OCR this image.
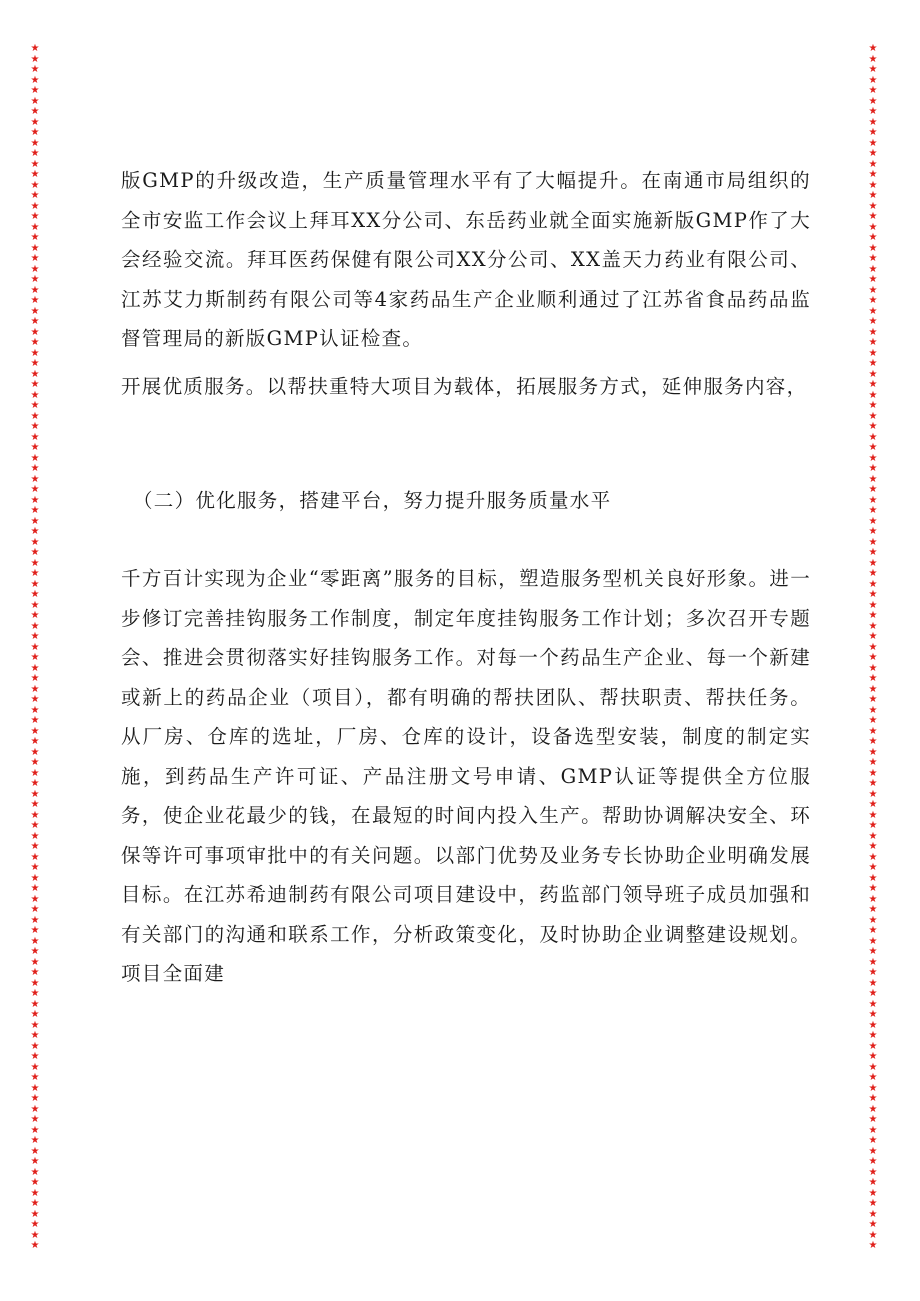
★
★
★
★
★
★
★
★
★
★
★
★
★
★
★
★
★
★
★
★
★
★
★
★
★
★
★
★
★
★
★
★
★
★
★
★
★
★
★
★
★
★
★
★
★
★
★
★
★
★
★
★
★
★
★
★
★
★
★
★
★
★
★
★
★
★
★
★
★
★
★
★
★
★
★
★
★
★
★
★
★
★
★
★
★
★
★
★
★
★
★
★
★
★
★
★
★
★
★
★
★
★
★
★
★
★
★
★
★
★
★
★
★
★
★
★
★
★
★
★
★
★
★
★
★
★
★
★
★
★
★
★
★
★
★
★
★
★
★
★
★
★
★
★
★
★
★
★
★
★
★
★
★
★
★
★
★
★
★
★
★
★
★
★
★
★
★
★
★
★
★
★
★
★
★
★
★
★
★
★
★
★
★
★
★
★
★
★
★
★
★
★
★
★
★
★
★
★
★
★
★
★
★
★
★
★
★
★
★
★
★
★
★
★
★
★
★
★
★
★
★
★
★
★
★
★
★
★
★
★

版GMP的升级改造，生产质量管理水平有了大幅提升。在南通市局组织的全市安监工作会议上拜耳XX分公司、东岳药业就全面实施新版GMP作了大会经验交流。拜耳医药保健有限公司XX分公司、XX盖天力药业有限公司、江苏艾力斯制药有限公司等4家药品生产企业顺利通过了江苏省食品药品监督管理局的新版GMP认证检查。

开展优质服务。以帮扶重特大项目为载体，拓展服务方式，延伸服务内容，

（二）优化服务，搭建平台，努力提升服务质量水平

千方百计实现为企业“零距离”服务的目标，塑造服务型机关良好形象。进一步修订完善挂钩服务工作制度，制定年度挂钩服务工作计划；多次召开专题会、推进会贯彻落实好挂钩服务工作。对每一个药品生产企业、每一个新建或新上的药品企业（项目），都有明确的帮扶团队、帮扶职责、帮扶任务。从厂房、仓库的选址，厂房、仓库的设计，设备选型安装，制度的制定实施，到药品生产许可证、产品注册文号申请、GMP认证等提供全方位服务，使企业花最少的钱，在最短的时间内投入生产。帮助协调解决安全、环保等许可事项审批中的有关问题。以部门优势及业务专长协助企业明确发展目标。在江苏希迪制药有限公司项目建设中，药监部门领导班子成员加强和有关部门的沟通和联系工作，分析政策变化，及时协助企业调整建设规划。项目全面建
